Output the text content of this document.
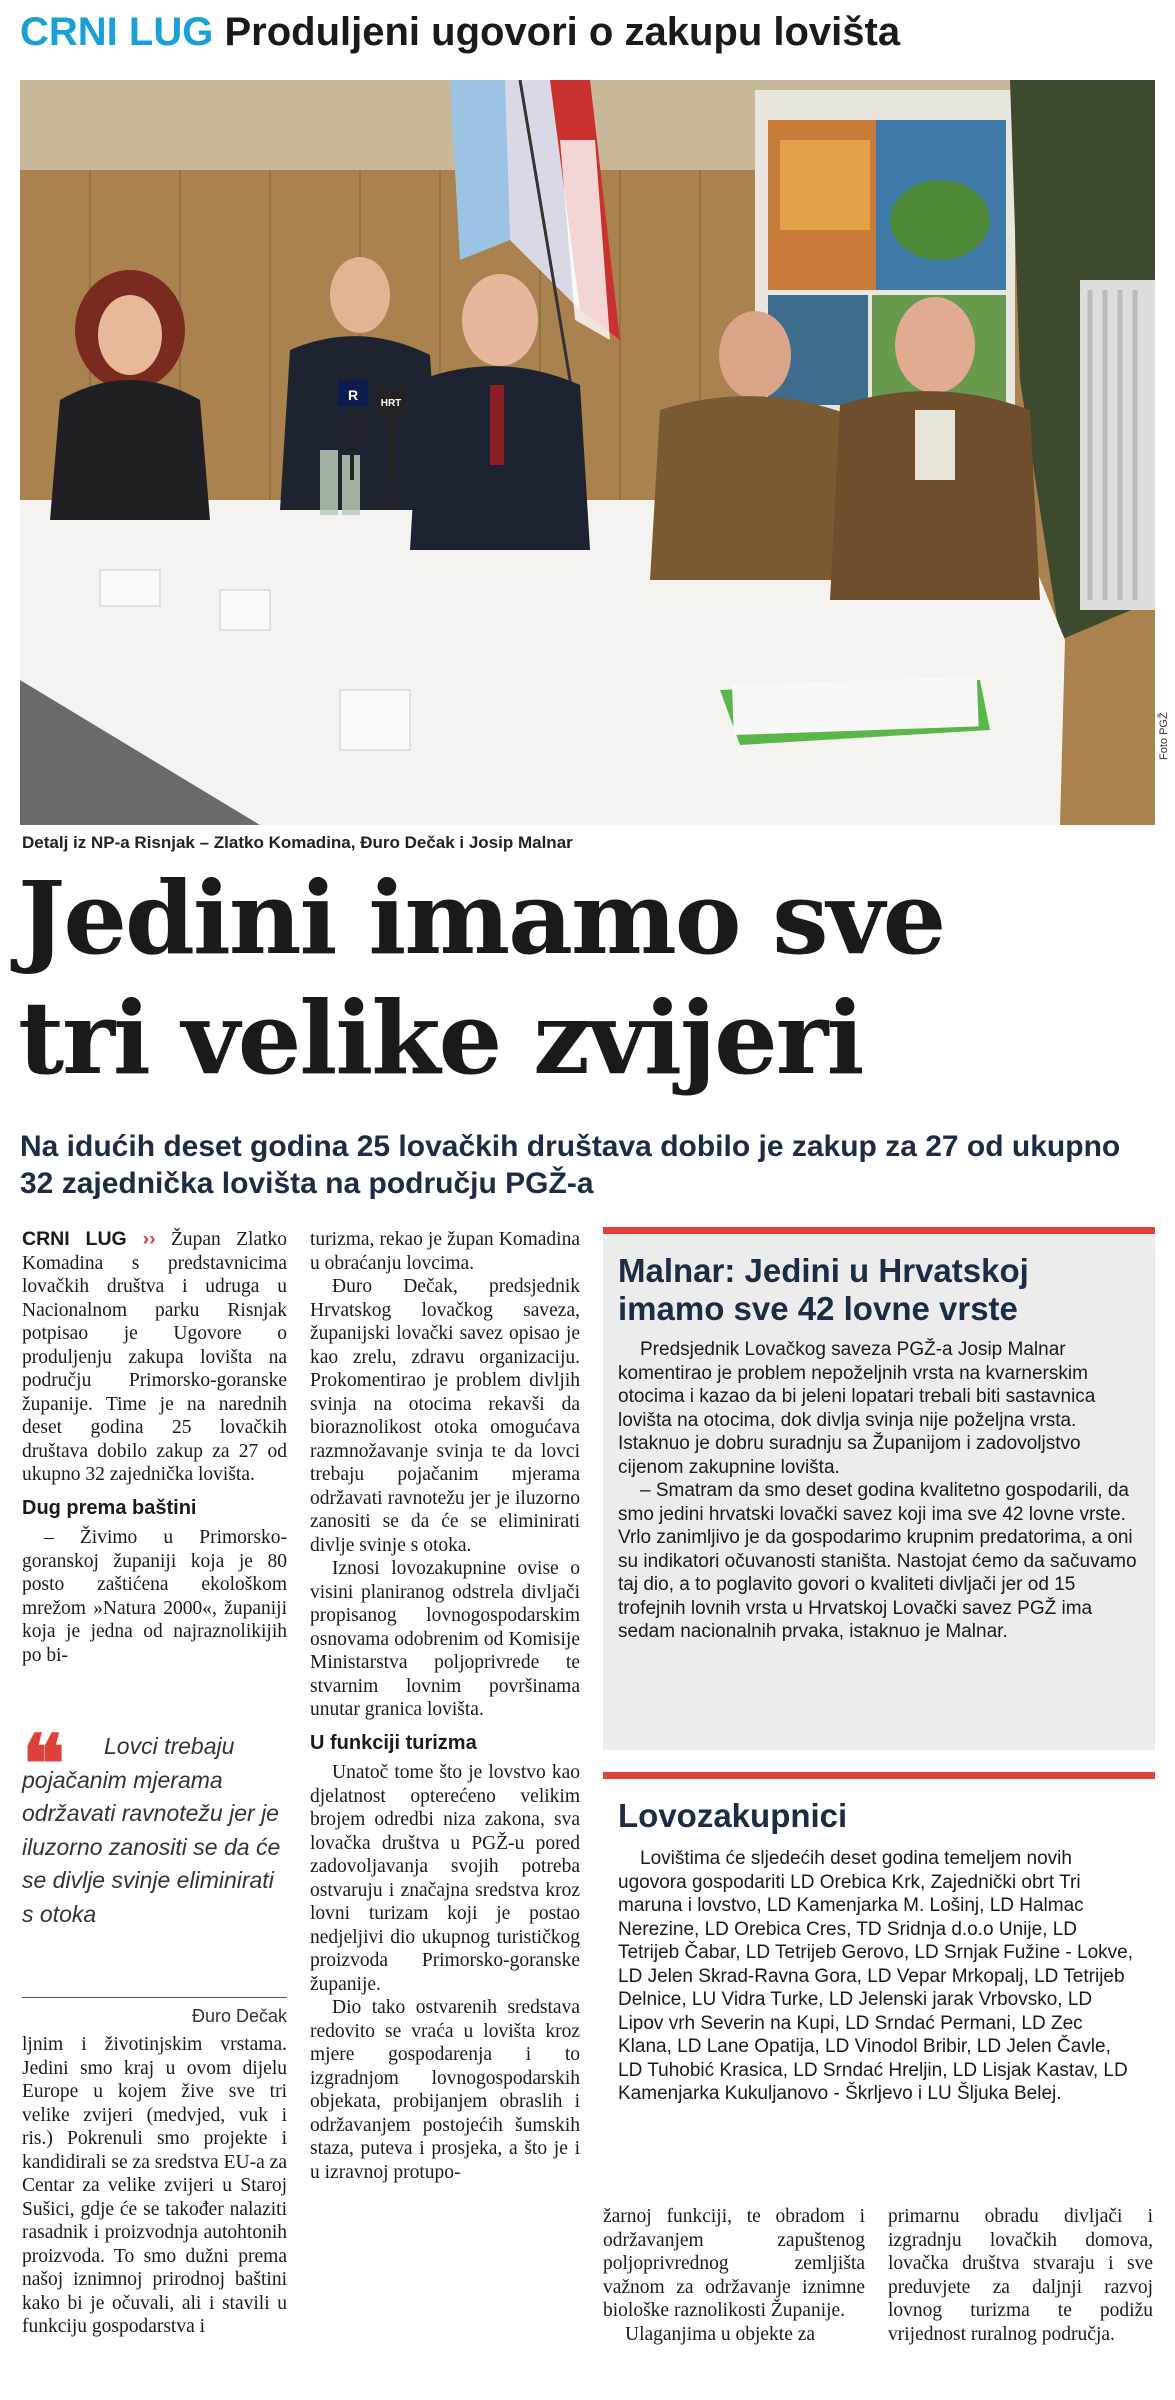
CRNI LUG Produljeni ugovori o zakupu lovišta
R
HRT
Foto PGŽ
Detalj iz NP-a Risnjak – Zlatko Komadina, Đuro Dečak i Josip Malnar
Jedini imamo sve
tri velike zvijeri
Na idućih deset godina 25 lovačkih društava dobilo je zakup za 27 od ukupno 32 zajednička lovišta na području PGŽ-a

CRNI LUG ›› Župan Zlatko Komadina s predstavnicima lovačkih društva i udruga u Nacionalnom parku Risnjak potpisao je Ugovore o produljenju zakupa lovišta na području Primorsko-goranske županije. Time je na narednih deset godina 25 lovačkih društava dobilo zakup za 27 od ukupno 32 zajednička lovišta.

Dug prema baštini

– Živimo u Primorsko-goranskoj županiji koja je 80 posto zaštićena ekološkom mrežom »Natura 2000«, županiji koja je jedna od najraznolikijih po bi-

❝	Lovci trebaju pojačanim mjerama održavati ravnotežu jer je iluzorno zanositi se da će se divlje svinje eliminirati s otoka
Đuro Dečak

ljnim i životinjskim vrstama. Jedini smo kraj u ovom dijelu Europe u kojem žive sve tri velike zvijeri (medvjed, vuk i ris.) Pokrenuli smo projekte i kandidirali se za sredstva EU-a za Centar za velike zvijeri u Staroj Sušici, gdje će se također nalaziti rasadnik i proizvodnja autohtonih proizvoda. To smo dužni prema našoj iznimnoj prirodnoj baštini kako bi je očuvali, ali i stavili u funkciju gospodarstva i

turizma, rekao je župan Komadina u obraćanju lovcima.

Đuro Dečak, predsjednik Hrvatskog lovačkog saveza, županijski lovački savez opisao je kao zrelu, zdravu organizaciju. Prokomentirao je problem divljih svinja na otocima rekavši da bioraznolikost otoka omogućava razmnožavanje svinja te da lovci trebaju pojačanim mjerama održavati ravnotežu jer je iluzorno zanositi se da će se eliminirati divlje svinje s otoka.

Iznosi lovozakupnine ovise o visini planiranog odstrela divljači propisanog lovnogospodarskim osnovama odobrenim od Komisije Ministarstva poljoprivrede te stvarnim lovnim površinama unutar granica lovišta.

U funkciji turizma

Unatoč tome što je lovstvo kao djelatnost opterećeno velikim brojem odredbi niza zakona, sva lovačka društva u PGŽ-u pored zadovoljavanja svojih potreba ostvaruju i značajna sredstva kroz lovni turizam koji je postao nedjeljivi dio ukupnog turističkog proizvoda Primorsko-goranske županije.

Dio tako ostvarenih sredstava redovito se vraća u lovišta kroz mjere gospodarenja i to izgradnjom lovnogospodarskih objekata, probijanjem obraslih i održavanjem postojećih šumskih staza, puteva i prosjeka, a što je i u izravnoj protupo-

Malnar: Jedini u Hrvatskoj imamo sve 42 lovne vrste

Predsjednik Lovačkog saveza PGŽ-a Josip Malnar komentirao je problem nepoželjnih vrsta na kvarnerskim otocima i kazao da bi jeleni lopatari trebali biti sastavnica lovišta na otocima, dok divlja svinja nije poželjna vrsta. Istaknuo je dobru suradnju sa Županijom i zadovoljstvo cijenom zakupnine lovišta.

– Smatram da smo deset godina kvalitetno gospodarili, da smo jedini hrvatski lovački savez koji ima sve 42 lovne vrste. Vrlo zanimljivo je da gospodarimo krupnim predatorima, a oni su indikatori očuvanosti staništa. Nastojat ćemo da sačuvamo taj dio, a to poglavito govori o kvaliteti divljači jer od 15 trofejnih lovnih vrsta u Hrvatskoj Lovački savez PGŽ ima sedam nacionalnih prvaka, istaknuo je Malnar.

Lovozakupnici

Lovištima će sljedećih deset godina temeljem novih ugovora gospodariti LD Orebica Krk, Zajednički obrt Tri maruna i lovstvo, LD Kamenjarka M. Lošinj, LD Halmac Nerezine, LD Orebica Cres, TD Sridnja d.o.o Unije, LD Tetrijeb Čabar, LD Tetrijeb Gerovo, LD Srnjak Fužine - Lokve, LD Jelen Skrad-Ravna Gora, LD Vepar Mrkopalj, LD Tetrijeb Delnice, LU Vidra Turke, LD Jelenski jarak Vrbovsko, LD Lipov vrh Severin na Kupi, LD Srndać Permani, LD Zec Klana, LD Lane Opatija, LD Vinodol Bribir, LD Jelen Čavle, LD Tuhobić Krasica, LD Srndać Hreljin, LD Lisjak Kastav, LD Kamenjarka Kukuljanovo - Škrljevo i LU Šljuka Belej.

žarnoj funkciji, te obradom i održavanjem zapuštenog poljoprivrednog zemljišta važnom za održavanje iznimne biološke raznolikosti Županije.

Ulaganjima u objekte za

primarnu obradu divljači i izgradnju lovačkih domova, lovačka društva stvaraju i sve preduvjete za daljnji razvoj lovnog turizma te podižu vrijednost ruralnog područja.
